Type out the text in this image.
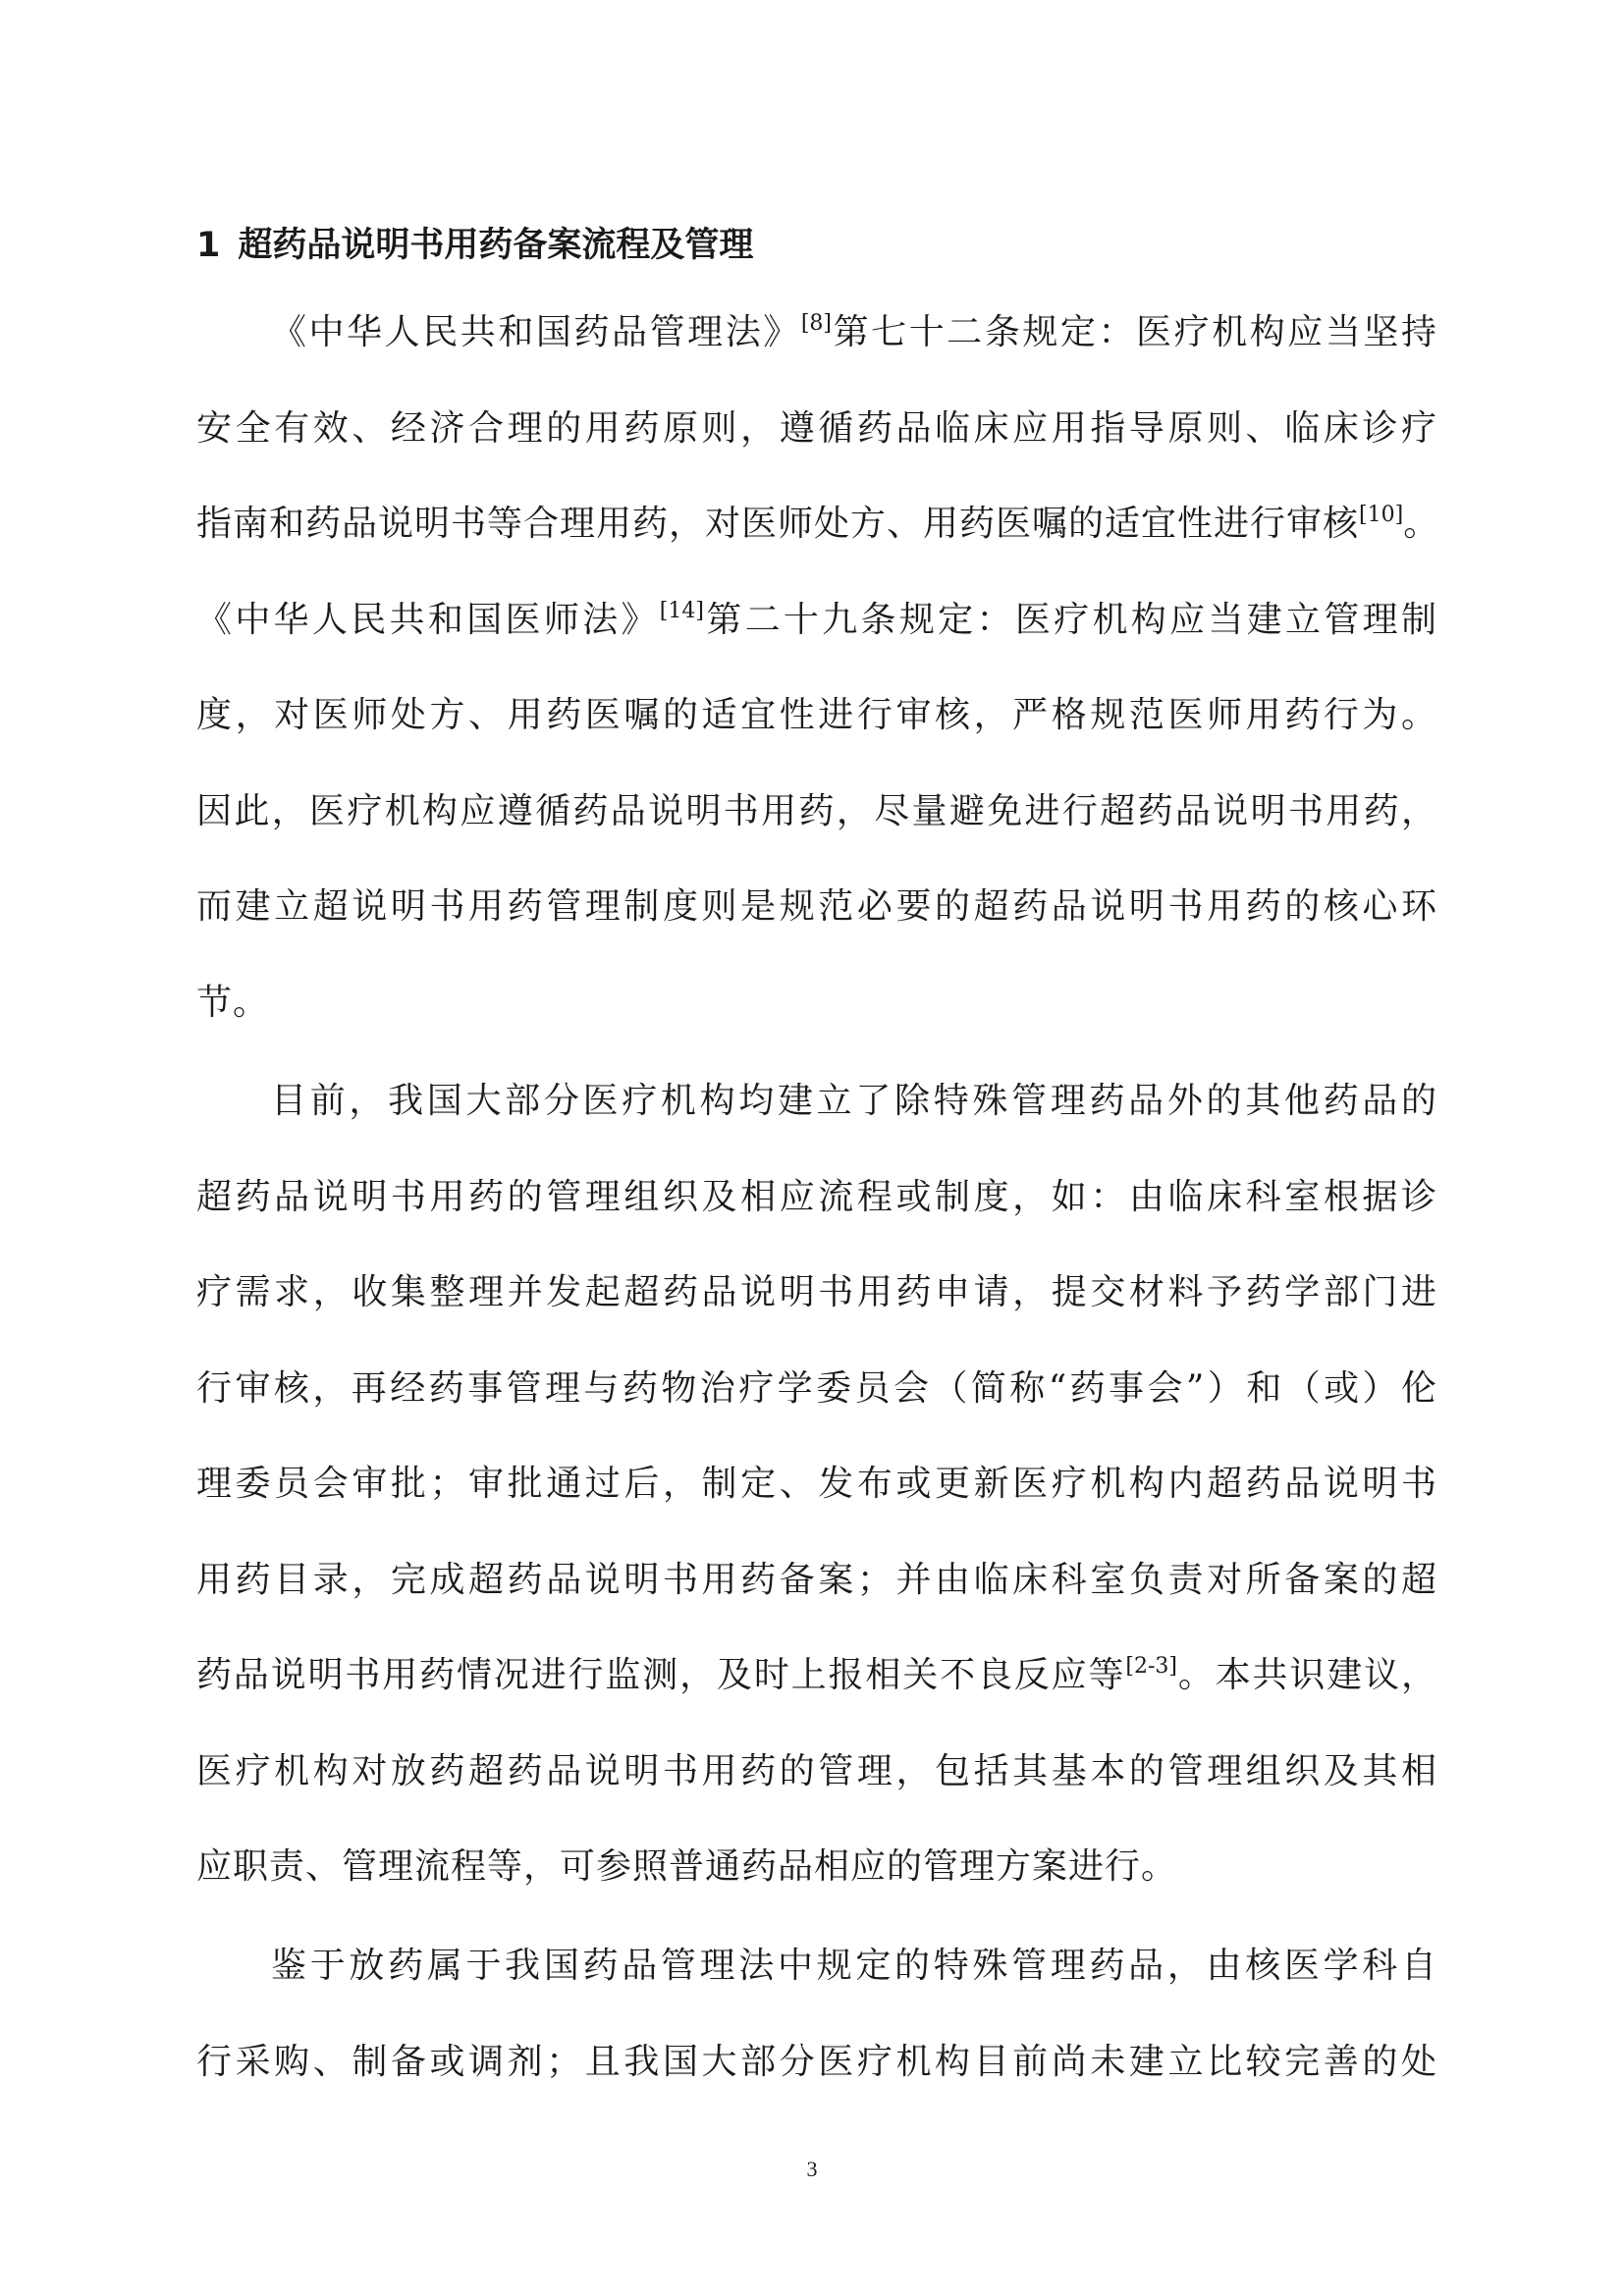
1 超药品说明书用药备案流程及管理

《中华人民共和国药品管理法》[8]第七十二条规定：医疗机构应当坚持
安全有效、经济合理的用药原则，遵循药品临床应用指导原则、临床诊疗
指南和药品说明书等合理用药，对医师处方、用药医嘱的适宜性进行审核[10]。
《中华人民共和国医师法》[14]第二十九条规定：医疗机构应当建立管理制
度，对医师处方、用药医嘱的适宜性进行审核，严格规范医师用药行为。
因此，医疗机构应遵循药品说明书用药，尽量避免进行超药品说明书用药，
而建立超说明书用药管理制度则是规范必要的超药品说明书用药的核心环
节。

目前，我国大部分医疗机构均建立了除特殊管理药品外的其他药品的
超药品说明书用药的管理组织及相应流程或制度，如：由临床科室根据诊
疗需求，收集整理并发起超药品说明书用药申请，提交材料予药学部门进
行审核，再经药事管理与药物治疗学委员会（简称“药事会”）和（或）伦
理委员会审批；审批通过后，制定、发布或更新医疗机构内超药品说明书
用药目录，完成超药品说明书用药备案；并由临床科室负责对所备案的超
药品说明书用药情况进行监测，及时上报相关不良反应等[2-3]。本共识建议，
医疗机构对放药超药品说明书用药的管理，包括其基本的管理组织及其相
应职责、管理流程等，可参照普通药品相应的管理方案进行。

鉴于放药属于我国药品管理法中规定的特殊管理药品，由核医学科自
行采购、制备或调剂；且我国大部分医疗机构目前尚未建立比较完善的处

3
